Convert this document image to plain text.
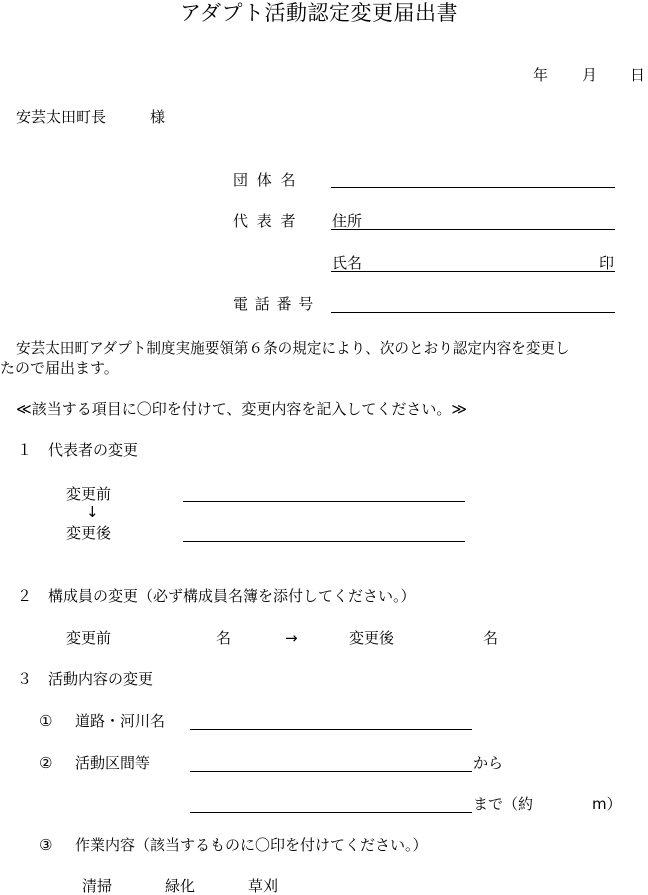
アダプト活動認定変更届出書
年 月 日
安芸太田町長	様
団 体 名
代 表 者 住所
氏名	印
電 話 番 号
安芸太田町アダプト制度実施要領第６条の規定により、次のとおり認定内容を変更し
たので届出ます。
≪該当する項目に〇印を付けて、変更内容を記入してください。≫
１ 代表者の変更
変更前
↓
変更後
２ 構成員の変更（必ず構成員名簿を添付してください。）
変更前	名	→	変更後	名
３ 活動内容の変更
① 道路・河川名
② 活動区間等	から
まで（約	m）
③ 作業内容（該当するものに〇印を付けてください。）
清掃	緑化	草刈
